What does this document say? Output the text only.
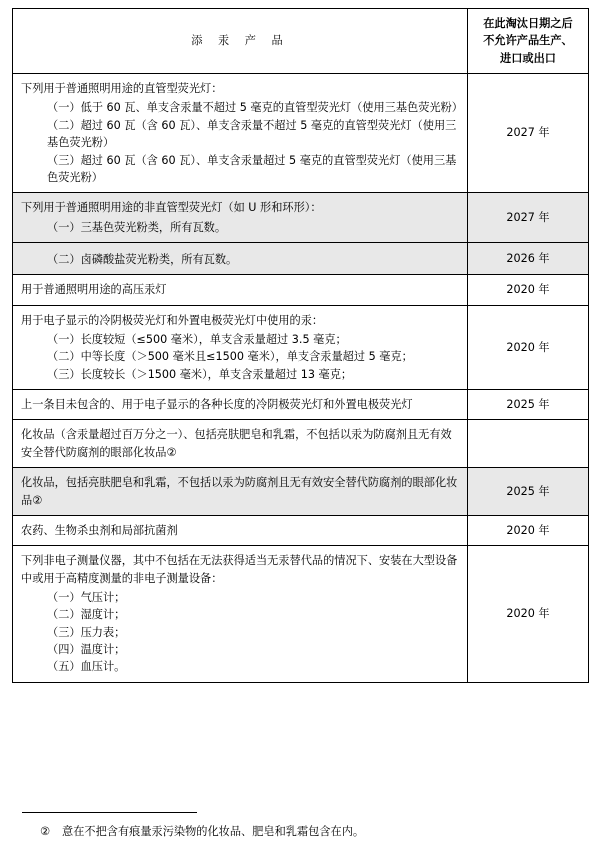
添 汞 产 品	在此淘汰日期之后
不允许产品生产、
进口或出口

下列用于普通照明用途的直管型荧光灯：

（一）低于 60 瓦、单支含汞量不超过 5 毫克的直管型荧光灯（使用三基色荧光粉）
（二）超过 60 瓦（含 60 瓦）、单支含汞量不超过 5 毫克的直管型荧光灯（使用三基色荧光粉）
（三）超过 60 瓦（含 60 瓦）、单支含汞量超过 5 毫克的直管型荧光灯（使用三基色荧光粉）
	2027 年

下列用于普通照明用途的非直管型荧光灯（如 U 形和环形）：

（一）三基色荧光粉类，所有瓦数。
	2027 年

（二）卤磷酸盐荧光粉类，所有瓦数。	2026 年

用于普通照明用途的高压汞灯	2020 年

用于电子显示的冷阴极荧光灯和外置电极荧光灯中使用的汞：

（一）长度较短（≤500 毫米），单支含汞量超过 3.5 毫克；
（二）中等长度（＞500 毫米且≤1500 毫米），单支含汞量超过 5 毫克；
（三）长度较长（＞1500 毫米），单支含汞量超过 13 毫克；
	2020 年

上一条目未包含的、用于电子显示的各种长度的冷阴极荧光灯和外置电极荧光灯	2025 年

化妆品（含汞量超过百万分之一）、包括亮肤肥皂和乳霜，不包括以汞为防腐剂且无有效安全替代防腐剂的眼部化妆品②	

化妆品，包括亮肤肥皂和乳霜，不包括以汞为防腐剂且无有效安全替代防腐剂的眼部化妆品②	2025 年

农药、生物杀虫剂和局部抗菌剂	2020 年

下列非电子测量仪器，其中不包括在无法获得适当无汞替代品的情况下、安装在大型设备中或用于高精度测量的非电子测量设备：

（一）气压计；
（二）湿度计；
（三）压力表；
（四）温度计；
（五）血压计。
	2020 年
② 意在不把含有痕量汞污染物的化妆品、肥皂和乳霜包含在内。
